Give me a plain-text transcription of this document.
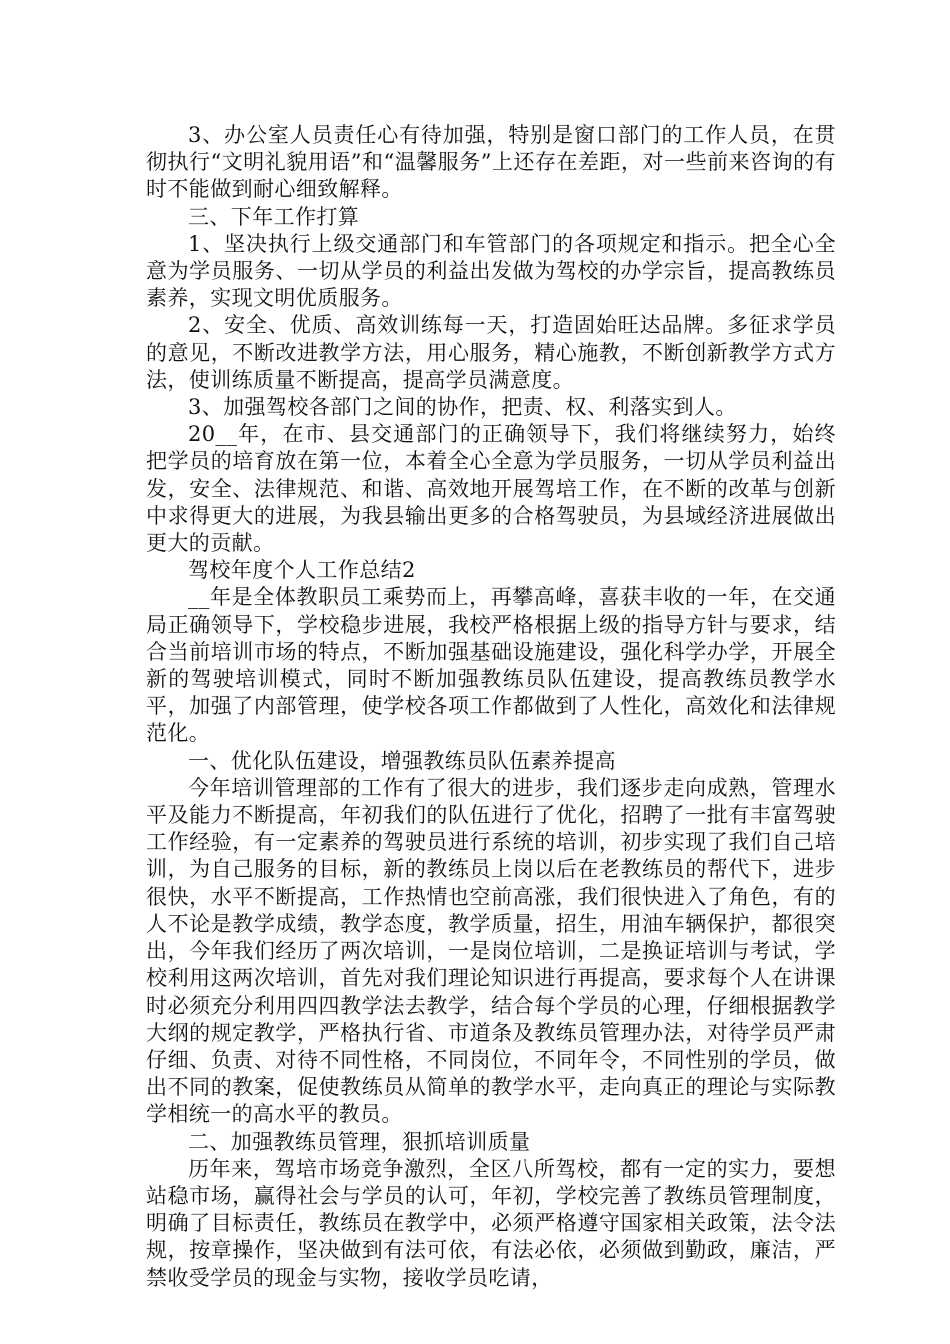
3、办公室人员责任心有待加强，特别是窗口部门的工作人员，在贯彻执行“文明礼貌用语”和“温馨服务”上还存在差距，对一些前来咨询的有时不能做到耐心细致解释。

三、下年工作打算

1、坚决执行上级交通部门和车管部门的各项规定和指示。把全心全意为学员服务、一切从学员的利益出发做为驾校的办学宗旨，提高教练员素养，实现文明优质服务。

2、安全、优质、高效训练每一天，打造固始旺达品牌。多征求学员的意见，不断改进教学方法，用心服务，精心施教，不断创新教学方式方法，使训练质量不断提高，提高学员满意度。

3、加强驾校各部门之间的协作，把责、权、利落实到人。

20__年，在市、县交通部门的正确领导下，我们将继续努力，始终把学员的培育放在第一位，本着全心全意为学员服务，一切从学员利益出发，安全、法律规范、和谐、高效地开展驾培工作，在不断的改革与创新中求得更大的进展，为我县输出更多的合格驾驶员，为县域经济进展做出更大的贡献。

驾校年度个人工作总结2

__年是全体教职员工乘势而上，再攀高峰，喜获丰收的一年，在交通局正确领导下，学校稳步进展，我校严格根据上级的指导方针与要求，结合当前培训市场的特点，不断加强基础设施建设，强化科学办学，开展全新的驾驶培训模式，同时不断加强教练员队伍建设，提高教练员教学水平，加强了内部管理，使学校各项工作都做到了人性化，高效化和法律规范化。

一、优化队伍建设，增强教练员队伍素养提高

今年培训管理部的工作有了很大的进步，我们逐步走向成熟，管理水平及能力不断提高，年初我们的队伍进行了优化，招聘了一批有丰富驾驶工作经验，有一定素养的驾驶员进行系统的培训，初步实现了我们自己培训，为自己服务的目标，新的教练员上岗以后在老教练员的帮代下，进步很快，水平不断提高，工作热情也空前高涨，我们很快进入了角色，有的人不论是教学成绩，教学态度，教学质量，招生，用油车辆保护，都很突出，今年我们经历了两次培训，一是岗位培训，二是换证培训与考试，学校利用这两次培训，首先对我们理论知识进行再提高，要求每个人在讲课时必须充分利用四四教学法去教学，结合每个学员的心理，仔细根据教学大纲的规定教学，严格执行省、市道条及教练员管理办法，对待学员严肃仔细、负责、对待不同性格，不同岗位，不同年令，不同性别的学员，做出不同的教案，促使教练员从简单的教学水平，走向真正的理论与实际教学相统一的高水平的教员。

二、加强教练员管理，狠抓培训质量

历年来，驾培市场竞争激烈，全区八所驾校，都有一定的实力，要想站稳市场，赢得社会与学员的认可，年初，学校完善了教练员管理制度，明确了目标责任，教练员在教学中，必须严格遵守国家相关政策，法令法规，按章操作，坚决做到有法可依，有法必依，必须做到勤政，廉洁，严禁收受学员的现金与实物，接收学员吃请，
